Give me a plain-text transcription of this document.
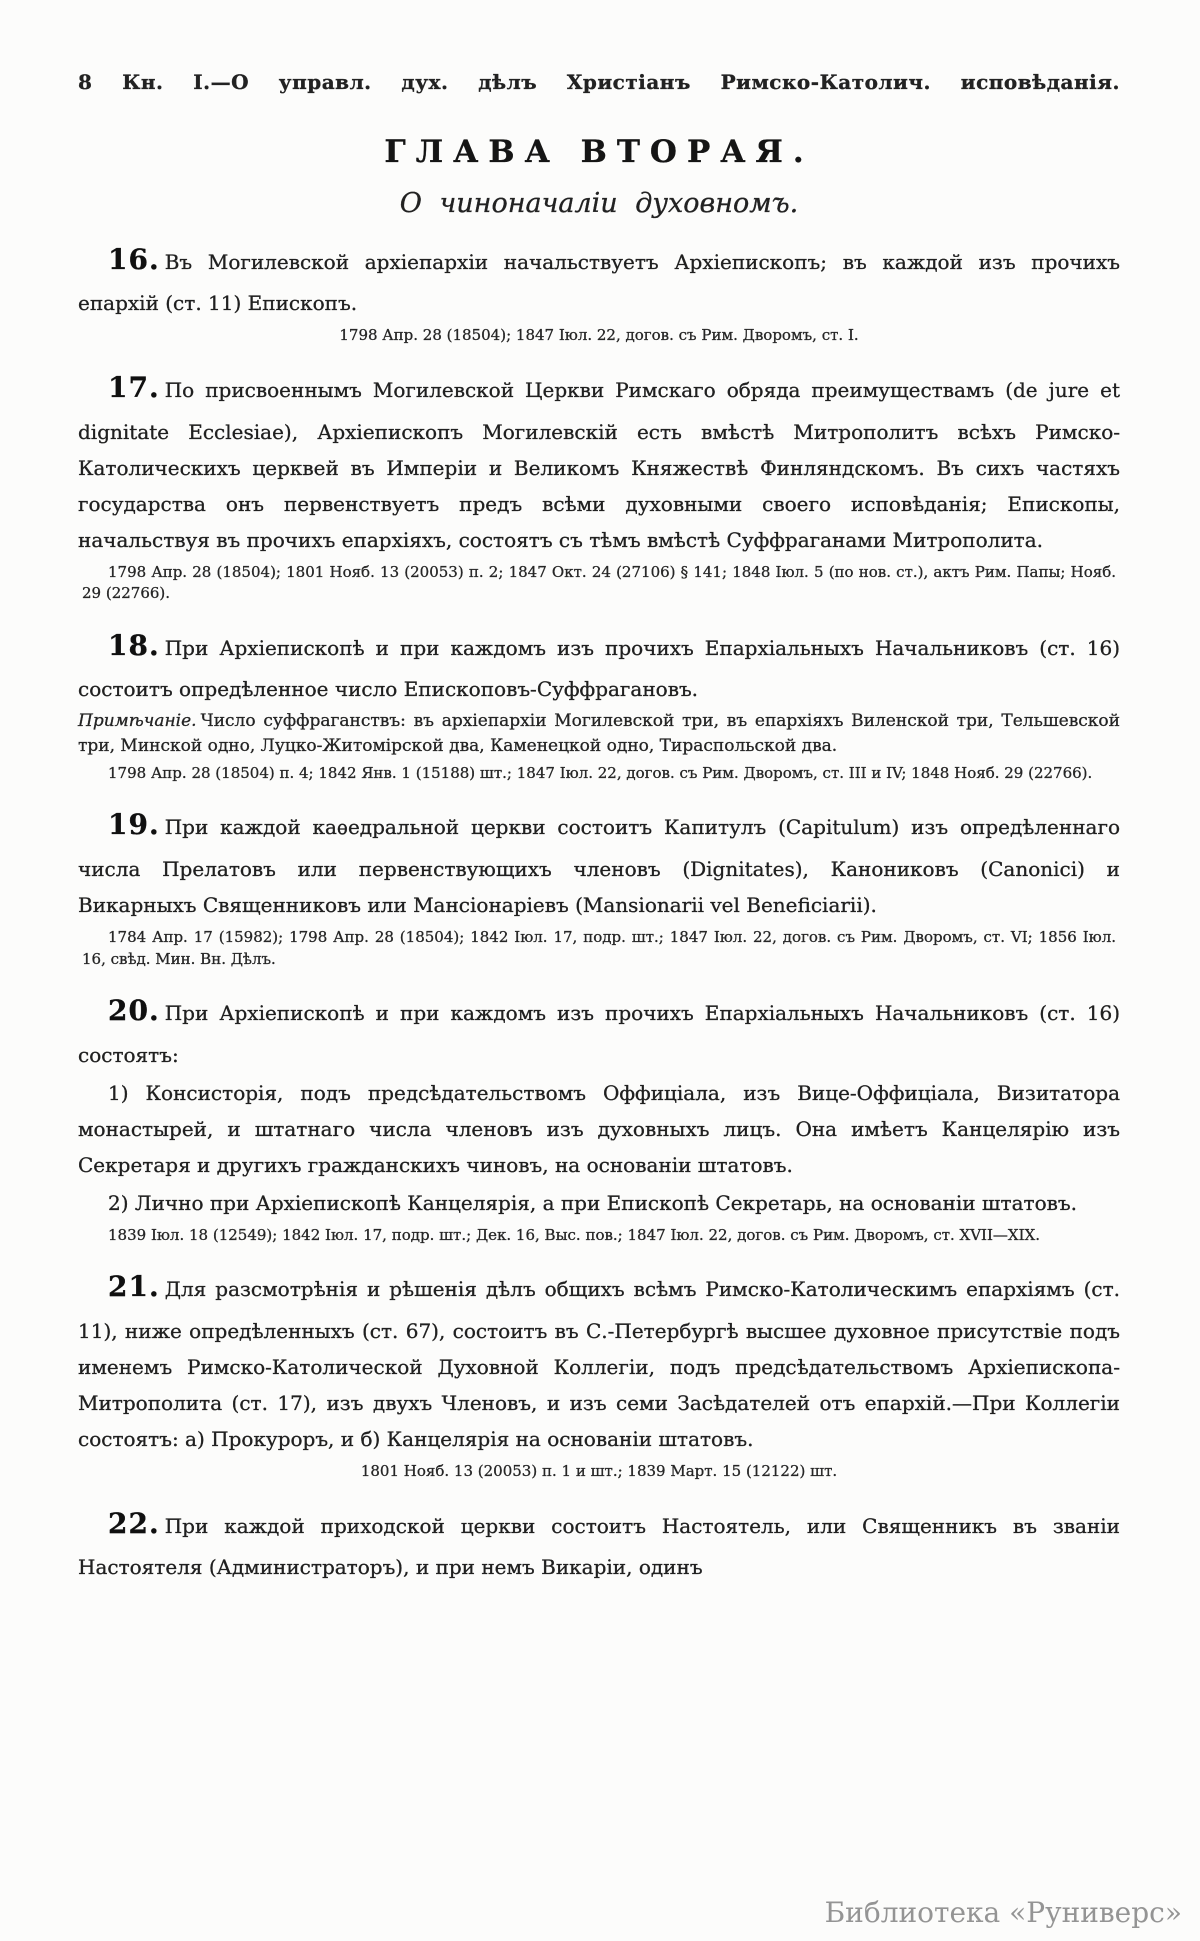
8 Кн. I.—О управл. дух. дѣлъ Христіанъ Римско-Католич. исповѣданія.
ГЛАВА ВТОРАЯ.
О чиноначаліи духовномъ.

16. Въ Могилевской архіепархіи начальствуетъ Архіепископъ; въ каждой изъ прочихъ епархій (ст. 11) Епископъ.

1798 Апр. 28 (18504); 1847 Іюл. 22, догов. съ Рим. Дворомъ, ст. I.

17. По присвоеннымъ Могилевской Церкви Римскаго обряда преимуществамъ (de jure et dignitate Ecclesiae), Архіепископъ Могилевскій есть вмѣстѣ Митрополитъ всѣхъ Римско-Католическихъ церквей въ Имперіи и Великомъ Княжествѣ Финляндскомъ. Въ сихъ частяхъ государства онъ первенствуетъ предъ всѣми духовными своего исповѣданія; Епископы, начальствуя въ прочихъ епархіяхъ, состоятъ съ тѣмъ вмѣстѣ Суффраганами Митрополита.

1798 Апр. 28 (18504); 1801 Нояб. 13 (20053) п. 2; 1847 Окт. 24 (27106) § 141; 1848 Іюл. 5 (по нов. ст.), актъ Рим. Папы; Нояб. 29 (22766).

18. При Архіепископѣ и при каждомъ изъ прочихъ Епархіальныхъ Начальниковъ (ст. 16) состоитъ опредѣленное число Епископовъ-Суффрагановъ.

Примѣчаніе. Число суффраганствъ: въ архіепархіи Могилевской три, въ епархіяхъ Виленской три, Тельшевской три, Минской одно, Луцко-Житомірской два, Каменецкой одно, Тираспольской два.

1798 Апр. 28 (18504) п. 4; 1842 Янв. 1 (15188) шт.; 1847 Іюл. 22, догов. съ Рим. Дворомъ, ст. III и IV; 1848 Нояб. 29 (22766).

19. При каждой каѳедральной церкви состоитъ Капитулъ (Capitulum) изъ опредѣленнаго числа Прелатовъ или первенствующихъ членовъ (Dignitates), Канониковъ (Canonici) и Викарныхъ Священниковъ или Мансіонаріевъ (Mansionarii vel Beneficiarii).

1784 Апр. 17 (15982); 1798 Апр. 28 (18504); 1842 Іюл. 17, подр. шт.; 1847 Іюл. 22, догов. съ Рим. Дворомъ, ст. VI; 1856 Іюл. 16, свѣд. Мин. Вн. Дѣлъ.

20. При Архіепископѣ и при каждомъ изъ прочихъ Епархіальныхъ Начальниковъ (ст. 16) состоятъ:

1) Консисторія, подъ предсѣдательствомъ Оффиціала, изъ Вице-Оффиціала, Визитатора монастырей, и штатнаго числа членовъ изъ духовныхъ лицъ. Она имѣетъ Канцелярію изъ Секретаря и другихъ гражданскихъ чиновъ, на основаніи штатовъ.

2) Лично при Архіепископѣ Канцелярія, а при Епископѣ Секретарь, на основаніи штатовъ.

1839 Іюл. 18 (12549); 1842 Іюл. 17, подр. шт.; Дек. 16, Выс. пов.; 1847 Іюл. 22, догов. съ Рим. Дворомъ, ст. XVII—XIX.

21. Для разсмотрѣнія и рѣшенія дѣлъ общихъ всѣмъ Римско-Католическимъ епархіямъ (ст. 11), ниже опредѣленныхъ (ст. 67), состоитъ въ С.-Петербургѣ высшее духовное присутствіе подъ именемъ Римско-Католической Духовной Коллегіи, подъ предсѣдательствомъ Архіепископа-Митрополита (ст. 17), изъ двухъ Членовъ, и изъ семи Засѣдателей отъ епархій.—При Коллегіи состоятъ: а) Прокуроръ, и б) Канцелярія на основаніи штатовъ.

1801 Нояб. 13 (20053) п. 1 и шт.; 1839 Март. 15 (12122) шт.

22. При каждой приходской церкви состоитъ Настоятель, или Священникъ въ званіи Настоятеля (Администраторъ), и при немъ Викаріи, одинъ

Библиотека «Руниверс»
